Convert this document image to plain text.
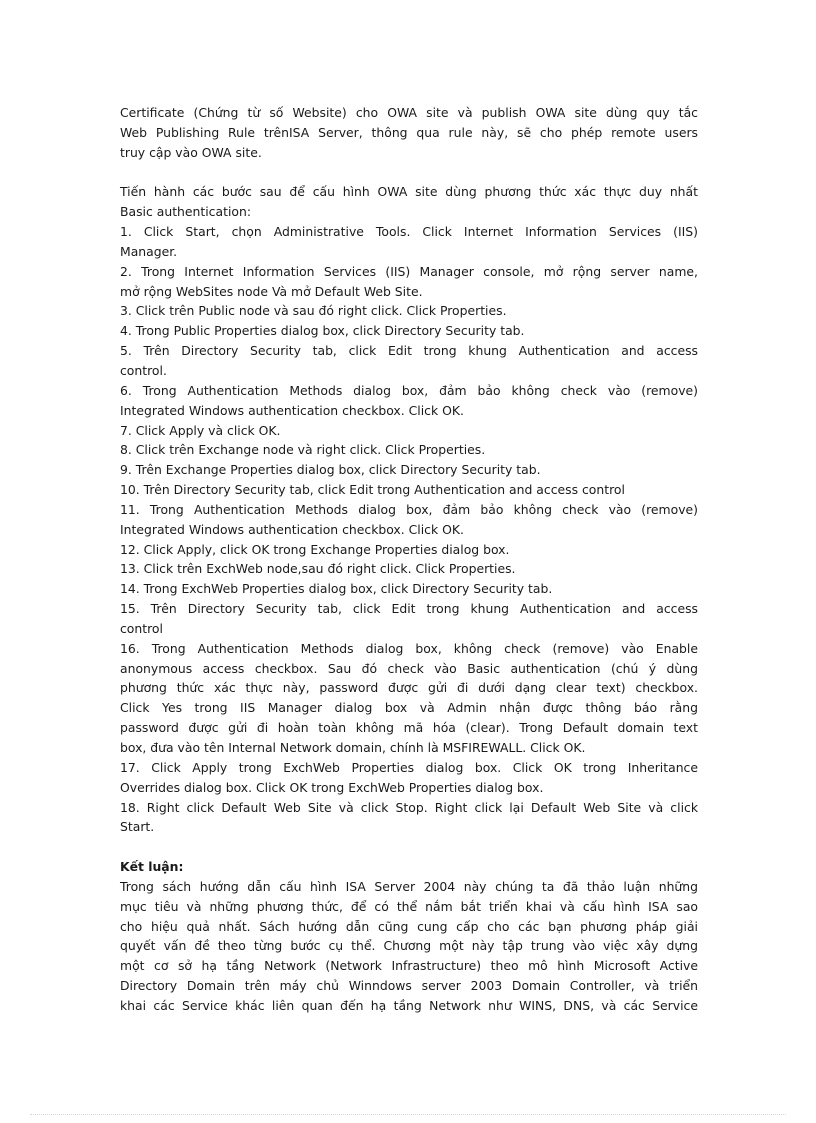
Certificate (Chứng từ số Website) cho OWA site và publish OWA site dùng quy tắc
Web Publishing Rule trênISA Server, thông qua rule này, sẽ cho phép remote users
truy cập vào OWA site.
Tiến hành các bước sau để cấu hình OWA site dùng phương thức xác thực duy nhất
Basic authentication:
1. Click Start, chọn Administrative Tools. Click Internet Information Services (IIS)
Manager.
2. Trong Internet Information Services (IIS) Manager console, mở rộng server name,
mở rộng WebSites node Và mở Default Web Site.
3. Click trên Public node và sau đó right click. Click Properties.
4. Trong Public Properties dialog box, click Directory Security tab.
5. Trên Directory Security tab, click Edit trong khung Authentication and access
control.
6. Trong Authentication Methods dialog box, đảm bảo không check vào (remove)
Integrated Windows authentication checkbox. Click OK.
7. Click Apply và click OK.
8. Click trên Exchange node và right click. Click Properties.
9. Trên Exchange Properties dialog box, click Directory Security tab.
10. Trên Directory Security tab, click Edit trong Authentication and access control
11. Trong Authentication Methods dialog box, đảm bảo không check vào (remove)
Integrated Windows authentication checkbox. Click OK.
12. Click Apply, click OK trong Exchange Properties dialog box.
13. Click trên ExchWeb node,sau đó right click. Click Properties.
14. Trong ExchWeb Properties dialog box, click Directory Security tab.
15. Trên Directory Security tab, click Edit trong khung Authentication and access
control
16. Trong Authentication Methods dialog box, không check (remove) vào Enable
anonymous access checkbox. Sau đó check vào Basic authentication (chú ý dùng
phương thức xác thực này, password được gửi đi dưới dạng clear text) checkbox.
Click Yes trong IIS Manager dialog box và Admin nhận được thông báo rằng
password được gửi đi hoàn toàn không mã hóa (clear). Trong Default domain text
box, đưa vào tên Internal Network domain, chính là MSFIREWALL. Click OK.
17. Click Apply trong ExchWeb Properties dialog box. Click OK trong Inheritance
Overrides dialog box. Click OK trong ExchWeb Properties dialog box.
18. Right click Default Web Site và click Stop. Right click lại Default Web Site và click
Start.

Kết luận:

Trong sách hướng dẫn cấu hình ISA Server 2004 này chúng ta đã thảo luận những
mục tiêu và những phương thức, để có thể nắm bắt triển khai và cấu hình ISA sao
cho hiệu quả nhất. Sách hướng dẫn cũng cung cấp cho các bạn phương pháp giải
quyết vấn đề theo từng bước cụ thể. Chương một này tập trung vào việc xây dựng
một cơ sở hạ tầng Network (Network Infrastructure) theo mô hình Microsoft Active
Directory Domain trên máy chủ Winndows server 2003 Domain Controller, và triển
khai các Service khác liên quan đến hạ tầng Network như WINS, DNS, và các Service
